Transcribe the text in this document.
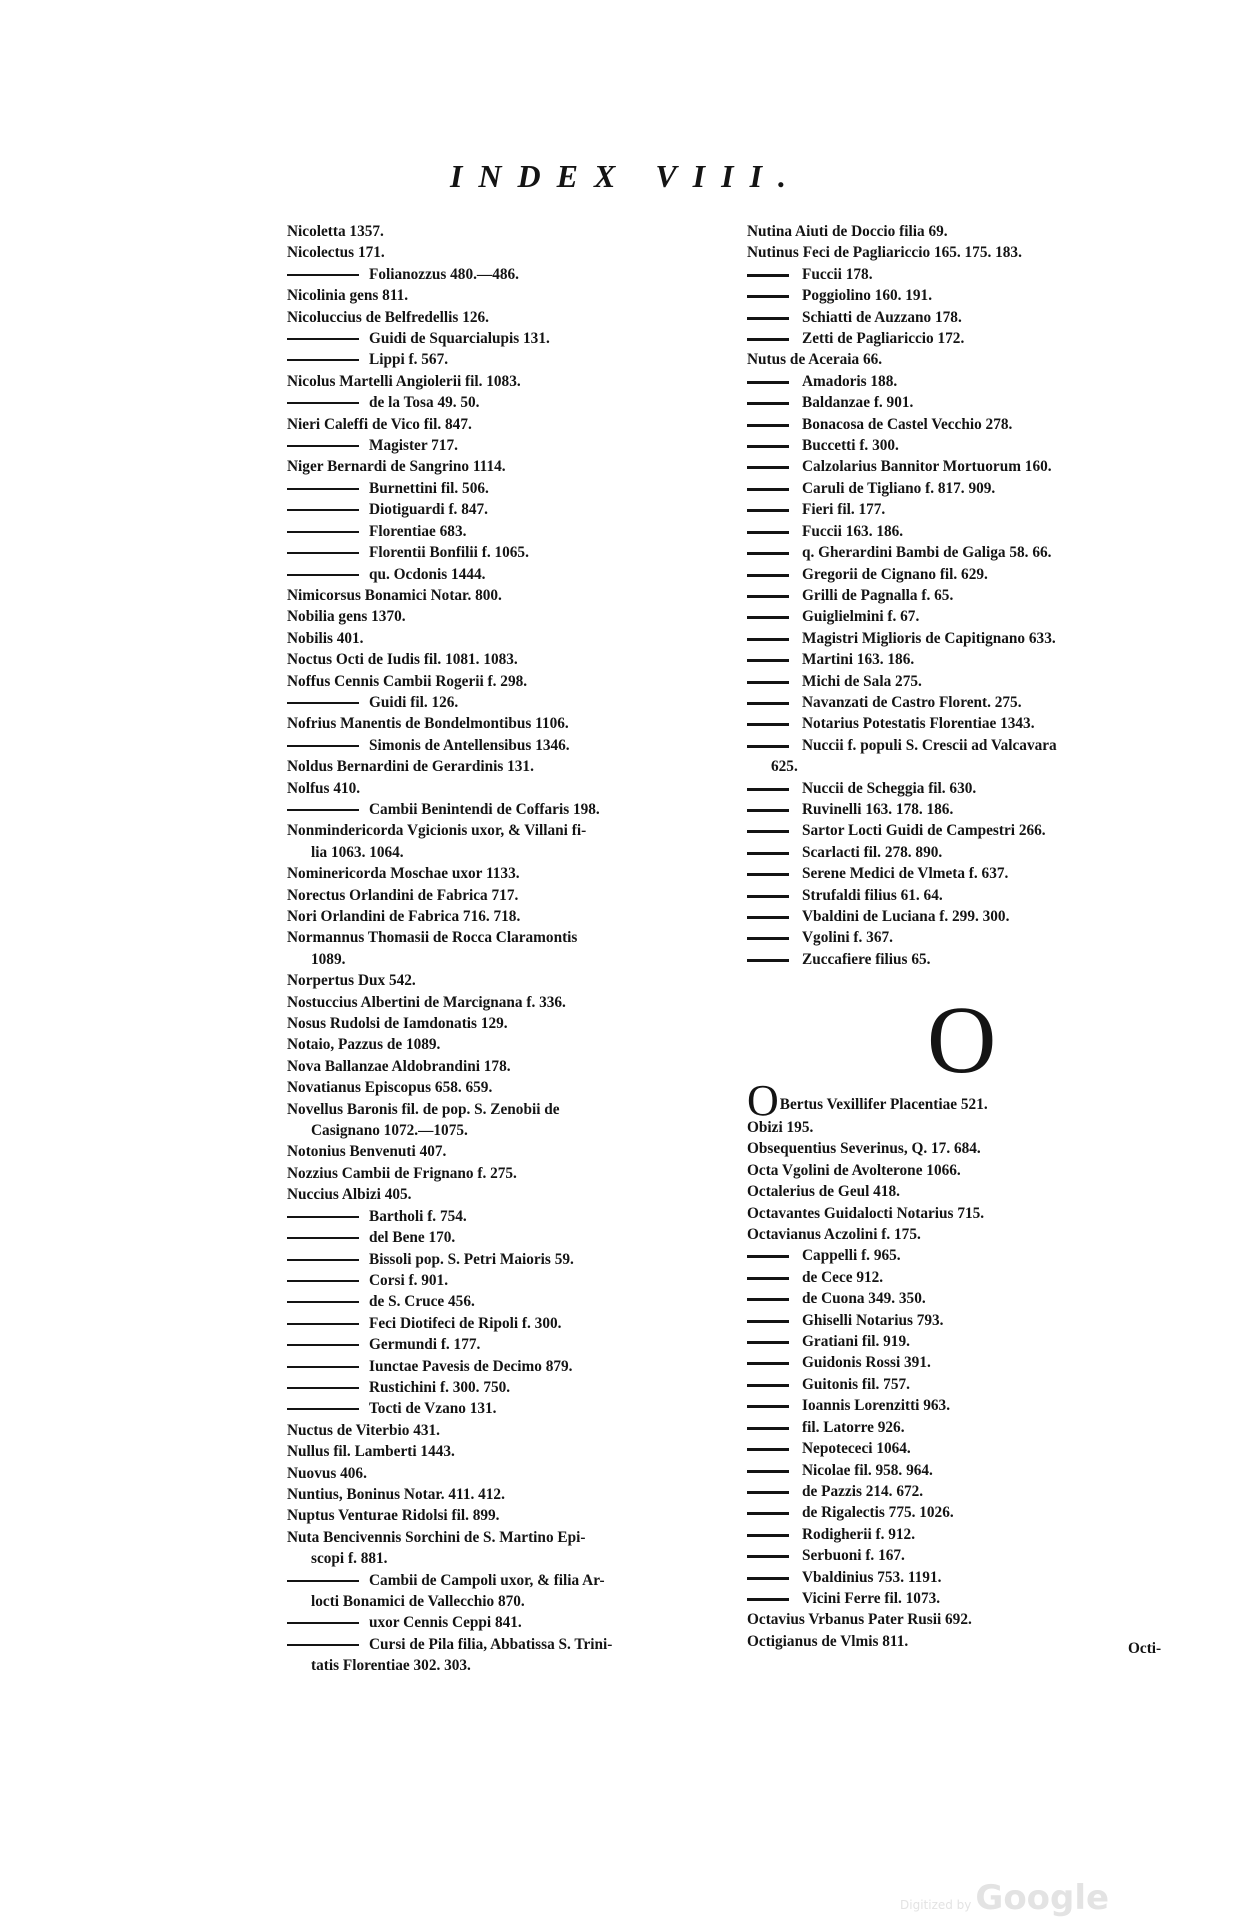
INDEX VIII.
Nicoletta 1357.
Nicolectus 171.
Folianozzus 480.—486.
Nicolinia gens 811.
Nicoluccius de Belfredellis 126.
Guidi de Squarcialupis 131.
Lippi f. 567.
Nicolus Martelli Angiolerii fil. 1083.
de la Tosa 49. 50.
Nieri Caleffi de Vico fil. 847.
Magister 717.
Niger Bernardi de Sangrino 1114.
Burnettini fil. 506.
Diotiguardi f. 847.
Florentiae 683.
Florentii Bonfilii f. 1065.
qu. Ocdonis 1444.
Nimicorsus Bonamici Notar. 800.
Nobilia gens 1370.
Nobilis 401.
Noctus Octi de Iudis fil. 1081. 1083.
Noffus Cennis Cambii Rogerii f. 298.
Guidi fil. 126.
Nofrius Manentis de Bondelmontibus 1106.
Simonis de Antellensibus 1346.
Noldus Bernardini de Gerardinis 131.
Nolfus 410.
Cambii Benintendi de Coffaris 198.
Nonmindericorda Vgicionis uxor, & Villani fi-
lia 1063. 1064.
Nominericorda Moschae uxor 1133.
Norectus Orlandini de Fabrica 717.
Nori Orlandini de Fabrica 716. 718.
Normannus Thomasii de Rocca Claramontis
1089.
Norpertus Dux 542.
Nostuccius Albertini de Marcignana f. 336.
Nosus Rudolsi de Iamdonatis 129.
Notaio, Pazzus de 1089.
Nova Ballanzae Aldobrandini 178.
Novatianus Episcopus 658. 659.
Novellus Baronis fil. de pop. S. Zenobii de
Casignano 1072.—1075.
Notonius Benvenuti 407.
Nozzius Cambii de Frignano f. 275.
Nuccius Albizi 405.
Bartholi f. 754.
del Bene 170.
Bissoli pop. S. Petri Maioris 59.
Corsi f. 901.
de S. Cruce 456.
Feci Diotifeci de Ripoli f. 300.
Germundi f. 177.
Iunctae Pavesis de Decimo 879.
Rustichini f. 300. 750.
Tocti de Vzano 131.
Nuctus de Viterbio 431.
Nullus fil. Lamberti 1443.
Nuovus 406.
Nuntius, Boninus Notar. 411. 412.
Nuptus Venturae Ridolsi fil. 899.
Nuta Bencivennis Sorchini de S. Martino Epi-
scopi f. 881.
Cambii de Campoli uxor, & filia Ar-
locti Bonamici de Vallecchio 870.
uxor Cennis Ceppi 841.
Cursi de Pila filia, Abbatissa S. Trini-
tatis Florentiae 302. 303.
Nutina Aiuti de Doccio filia 69.
Nutinus Feci de Pagliariccio 165. 175. 183.
Fuccii 178.
Poggiolino 160. 191.
Schiatti de Auzzano 178.
Zetti de Pagliariccio 172.
Nutus de Aceraia 66.
Amadoris 188.
Baldanzae f. 901.
Bonacosa de Castel Vecchio 278.
Buccetti f. 300.
Calzolarius Bannitor Mortuorum 160.
Caruli de Tigliano f. 817. 909.
Fieri fil. 177.
Fuccii 163. 186.
q. Gherardini Bambi de Galiga 58. 66.
Gregorii de Cignano fil. 629.
Grilli de Pagnalla f. 65.
Guiglielmini f. 67.
Magistri Miglioris de Capitignano 633.
Martini 163. 186.
Michi de Sala 275.
Navanzati de Castro Florent. 275.
Notarius Potestatis Florentiae 1343.
Nuccii f. populi S. Crescii ad Valcavara
625.
Nuccii de Scheggia fil. 630.
Ruvinelli 163. 178. 186.
Sartor Locti Guidi de Campestri 266.
Scarlacti fil. 278. 890.
Serene Medici de Vlmeta f. 637.
Strufaldi filius 61. 64.
Vbaldini de Luciana f. 299. 300.
Vgolini f. 367.
Zuccafiere filius 65.
O
OBertus Vexillifer Placentiae 521.
Obizi 195.
Obsequentius Severinus, Q. 17. 684.
Octa Vgolini de Avolterone 1066.
Octalerius de Geul 418.
Octavantes Guidalocti Notarius 715.
Octavianus Aczolini f. 175.
Cappelli f. 965.
de Cece 912.
de Cuona 349. 350.
Ghiselli Notarius 793.
Gratiani fil. 919.
Guidonis Rossi 391.
Guitonis fil. 757.
Ioannis Lorenzitti 963.
fil. Latorre 926.
Nepotececi 1064.
Nicolae fil. 958. 964.
de Pazzis 214. 672.
de Rigalectis 775. 1026.
Rodigherii f. 912.
Serbuoni f. 167.
Vbaldinius 753. 1191.
Vicini Ferre fil. 1073.
Octavius Vrbanus Pater Rusii 692.
Octigianus de Vlmis 811.	Octi-
Digitized by Google
